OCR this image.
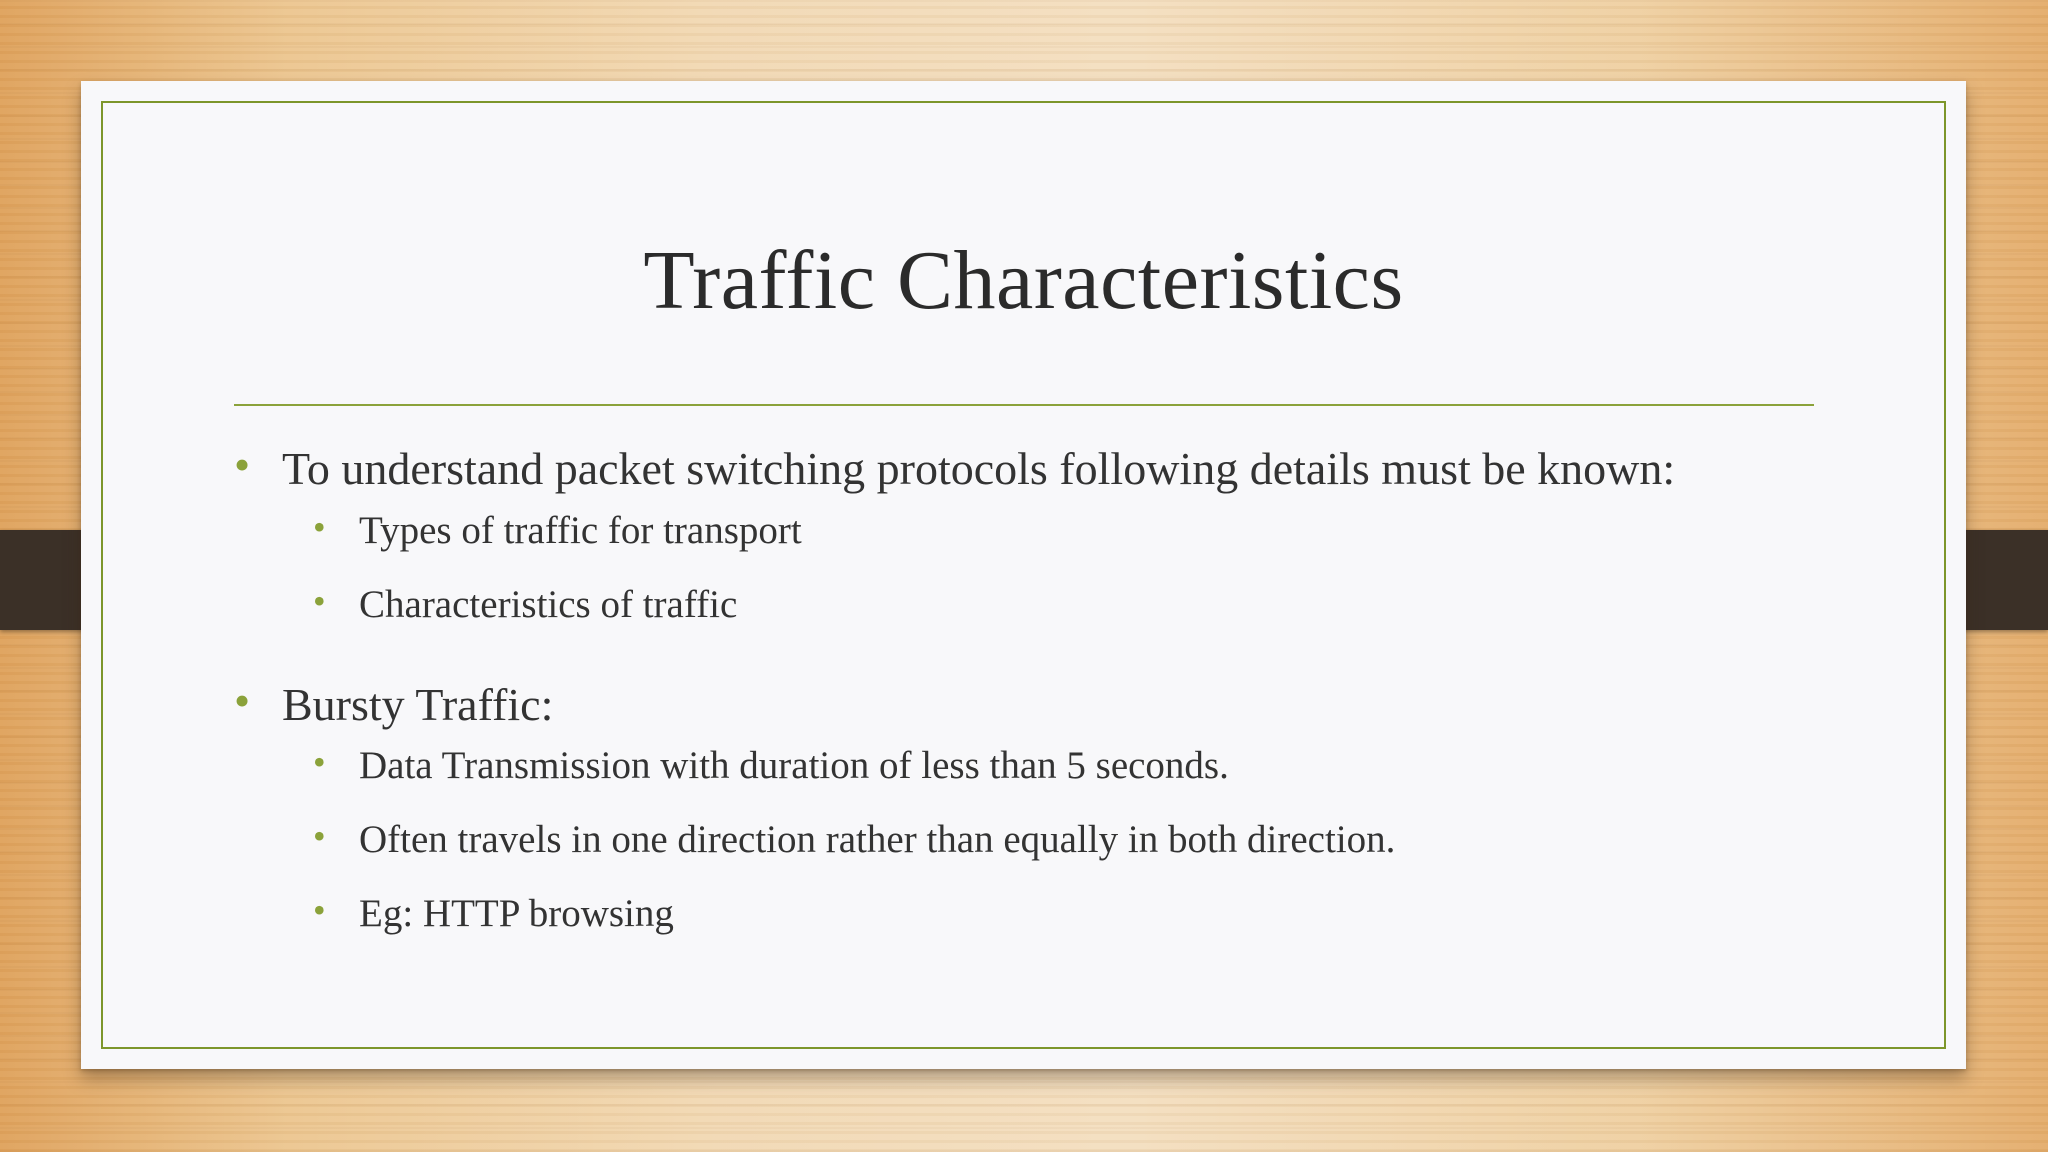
Traffic Characteristics
• To understand packet switching protocols following details must be known:
• Types of traffic for transport
• Characteristics of traffic
• Bursty Traffic:
• Data Transmission with duration of less than 5 seconds.
• Often travels in one direction rather than equally in both direction.
• Eg: HTTP browsing
